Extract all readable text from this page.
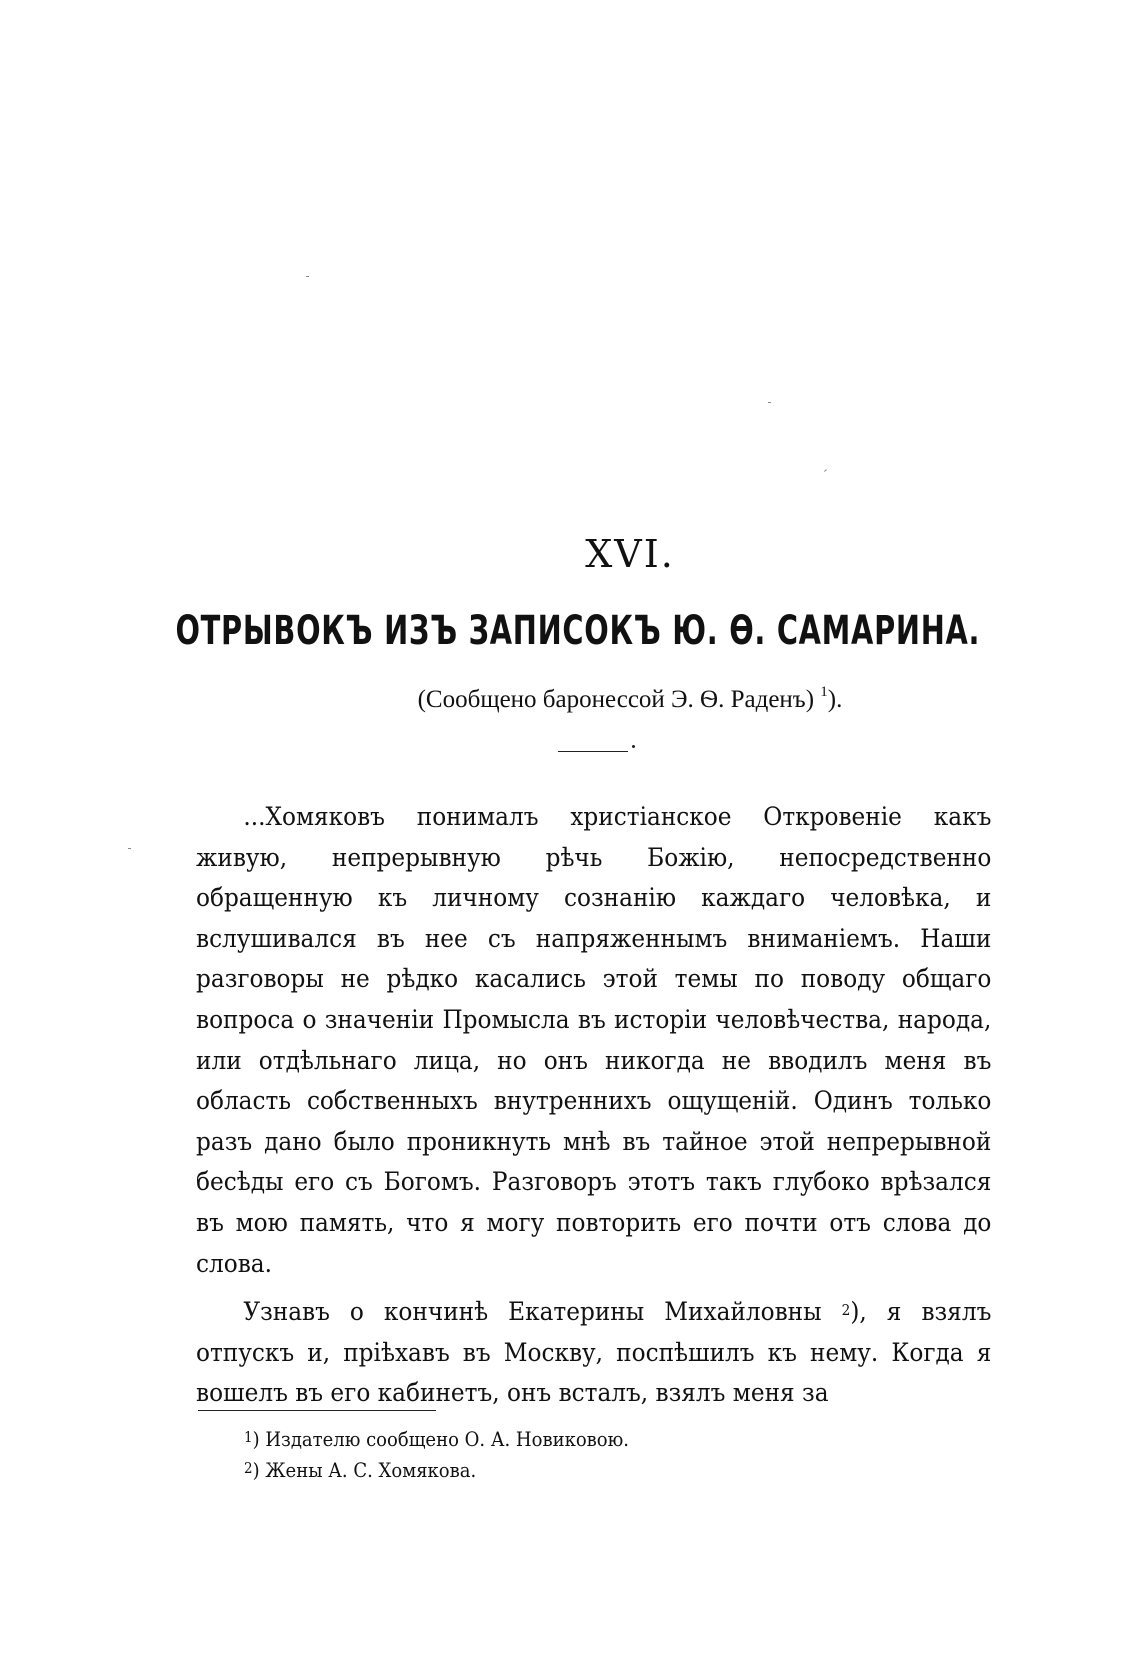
XVI.
ОТРЫВОКЪ ИЗЪ ЗАПИСОКЪ Ю. Ѳ. САМАРИНА.
(Сообщено баронессой Э. Ѳ. Раденъ) $^1$).

...Хомяковъ понималъ христіанское Откровеніе какъ живую, непрерывную рѣчь Божію, непосредственно обращенную къ личному сознанію каждаго человѣка, и вслушивался въ нее съ напряженнымъ вниманіемъ. Наши разговоры не рѣдко касались этой темы по поводу общаго вопроса о значеніи Промысла въ исторіи человѣчества, народа, или отдѣльнаго лица, но онъ никогда не вводилъ меня въ область собственныхъ внутреннихъ ощущеній. Одинъ только разъ дано было проникнуть мнѣ въ тайное этой непрерывной бесѣды его съ Богомъ. Разговоръ этотъ такъ глубоко врѣзался въ мою память, что я могу повторить его почти отъ слова до слова.

Узнавъ о кончинѣ Екатерины Михайловны $^2$), я взялъ отпускъ и, пріѣхавъ въ Москву, поспѣшилъ къ нему. Когда я вошелъ въ его кабинетъ, онъ всталъ, взялъ меня за

$^1$) Издателю сообщено О. А. Новиковою.
$^2$) Жены А. С. Хомякова.
